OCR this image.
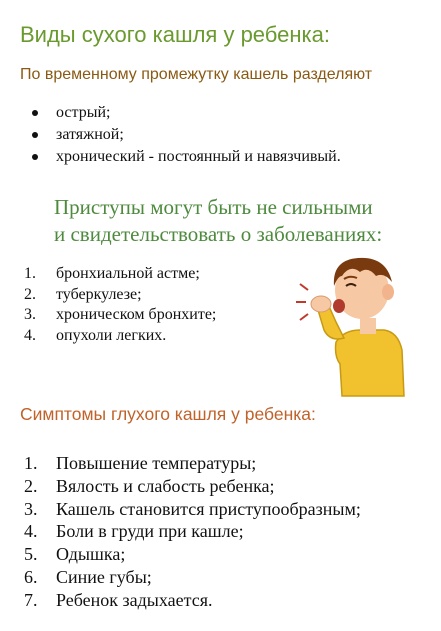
Виды сухого кашля у ребенка:
По временному промежутку кашель разделяют
острый;
затяжной;
хронический - постоянный и навязчивый.
Приступы могут быть не сильными
и свидетельствовать о заболеваниях:
1. бронхиальной астме;
2. туберкулезе;
3. хроническом бронхите;
4. опухоли легких.
Симптомы глухого кашля у ребенка:
1. Повышение температуры;
2. Вялость и слабость ребенка;
3. Кашель становится приступообразным;
4. Боли в груди при кашле;
5. Одышка;
6. Синие губы;
7. Ребенок задыхается.
